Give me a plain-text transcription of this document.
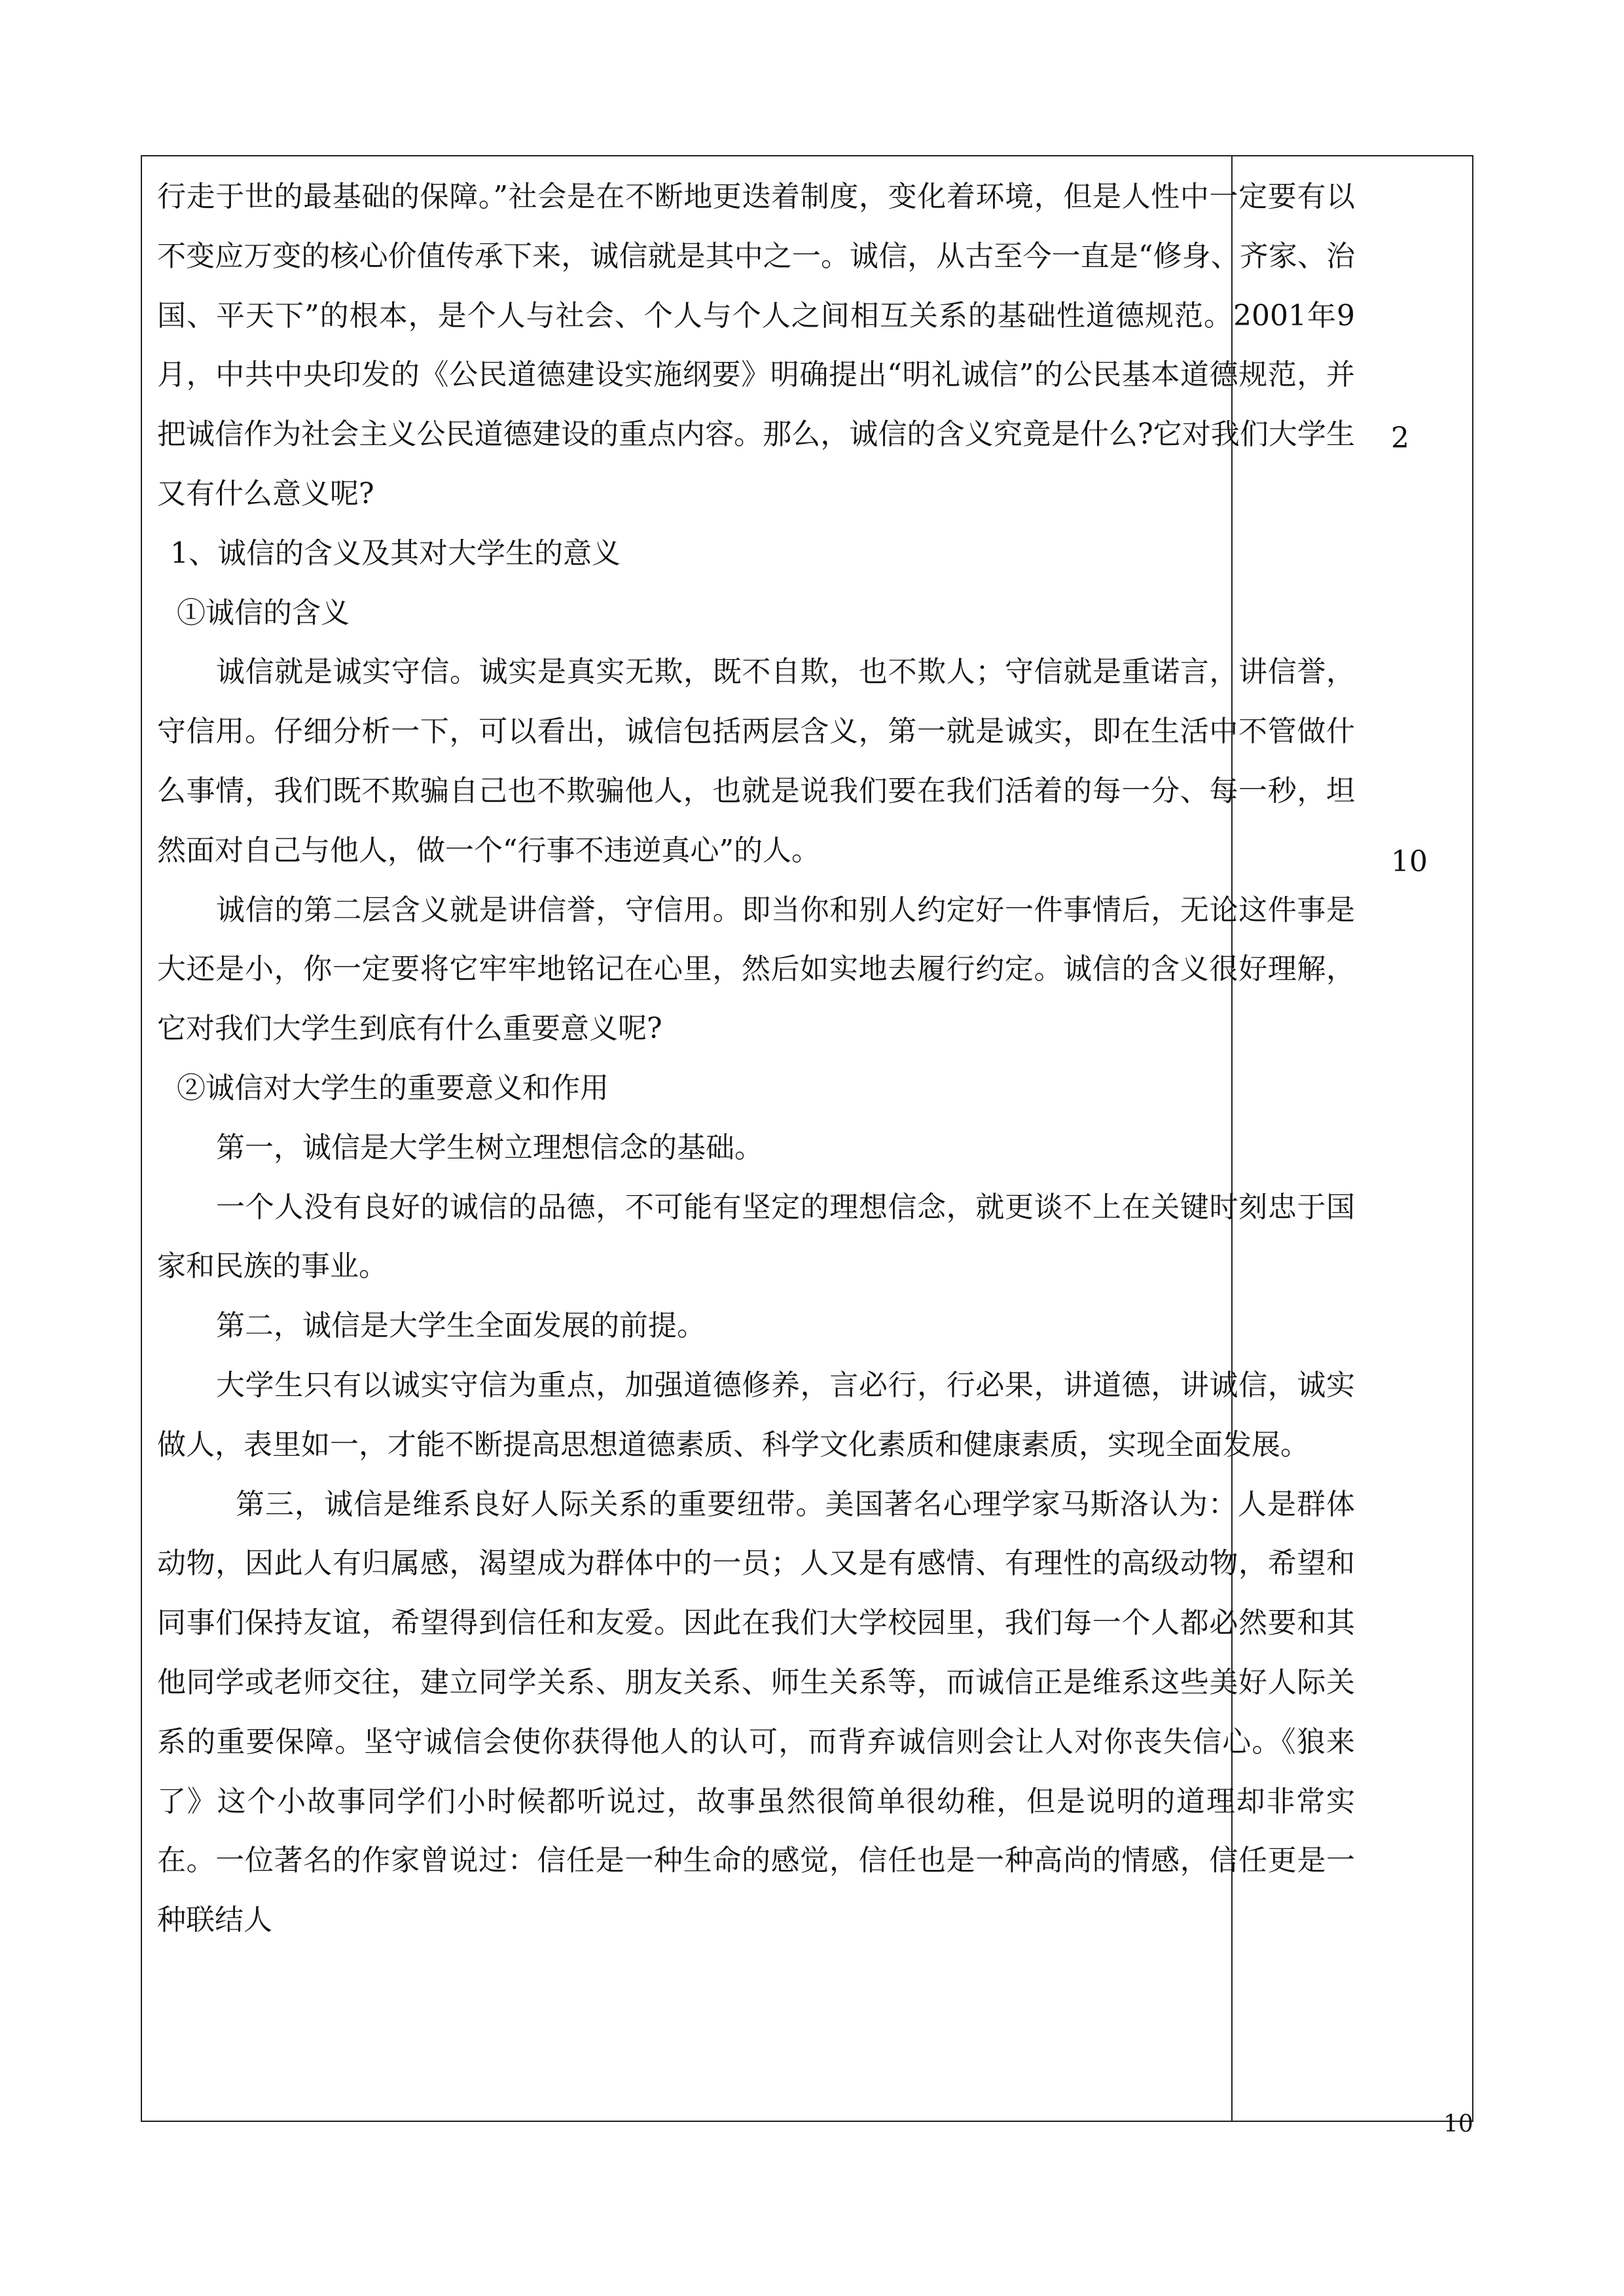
行走于世的最基础的保障。”社会是在不断地更迭着制度，变化着环境，但是人性中一定要有以不变应万变的核心价值传承下来，诚信就是其中之一。诚信，从古至今一直是“修身、齐家、治国、平天下”的根本，是个人与社会、个人与个人之间相互关系的基础性道德规范。2001年9月，中共中央印发的《公民道德建设实施纲要》明确提出“明礼诚信”的公民基本道德规范，并把诚信作为社会主义公民道德建设的重点内容。那么，诚信的含义究竟是什么?它对我们大学生又有什么意义呢?

1、诚信的含义及其对大学生的意义

①诚信的含义

诚信就是诚实守信。诚实是真实无欺，既不自欺，也不欺人；守信就是重诺言，讲信誉，守信用。仔细分析一下，可以看出，诚信包括两层含义，第一就是诚实，即在生活中不管做什么事情，我们既不欺骗自己也不欺骗他人，也就是说我们要在我们活着的每一分、每一秒，坦然面对自己与他人，做一个“行事不违逆真心”的人。

诚信的第二层含义就是讲信誉，守信用。即当你和别人约定好一件事情后，无论这件事是大还是小，你一定要将它牢牢地铭记在心里，然后如实地去履行约定。诚信的含义很好理解，它对我们大学生到底有什么重要意义呢?

②诚信对大学生的重要意义和作用

第一，诚信是大学生树立理想信念的基础。

一个人没有良好的诚信的品德，不可能有坚定的理想信念，就更谈不上在关键时刻忠于国家和民族的事业。

第二，诚信是大学生全面发展的前提。

大学生只有以诚实守信为重点，加强道德修养，言必行，行必果，讲道德，讲诚信，诚实做人，表里如一，才能不断提高思想道德素质、科学文化素质和健康素质，实现全面发展。

第三，诚信是维系良好人际关系的重要纽带。美国著名心理学家马斯洛认为：人是群体动物，因此人有归属感，渴望成为群体中的一员；人又是有感情、有理性的高级动物，希望和同事们保持友谊，希望得到信任和友爱。因此在我们大学校园里，我们每一个人都必然要和其他同学或老师交往，建立同学关系、朋友关系、师生关系等，而诚信正是维系这些美好人际关系的重要保障。坚守诚信会使你获得他人的认可，而背弃诚信则会让人对你丧失信心。《狼来了》这个小故事同学们小时候都听说过，故事虽然很简单很幼稚，但是说明的道理却非常实在。一位著名的作家曾说过：信任是一种生命的感觉，信任也是一种高尚的情感，信任更是一种联结人

2
10
10
